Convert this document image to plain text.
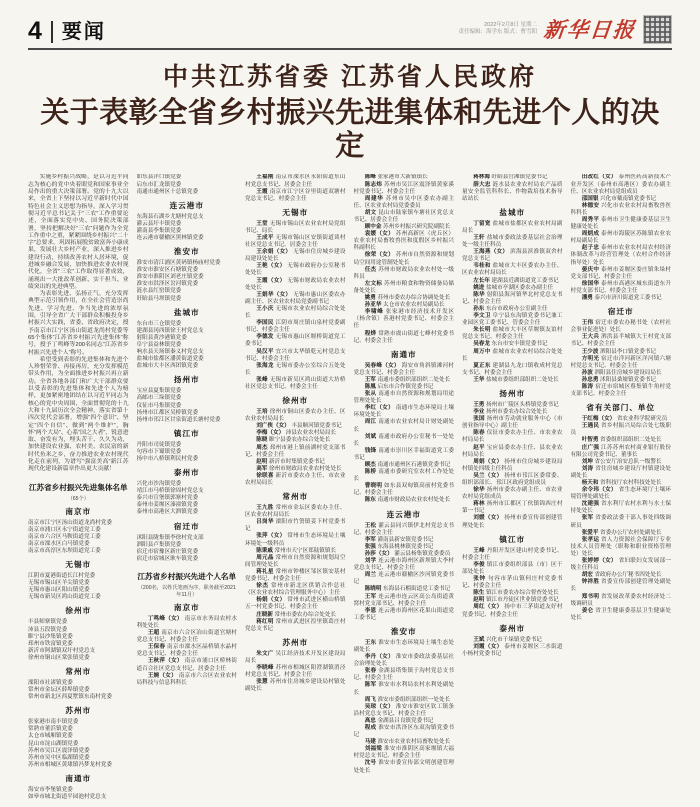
4 要闻	2022年2月8日 星期二
责任编辑：海学东 版式：曹雪阳 新华日报
中共江苏省委 江苏省人民政府
关于表彰全省乡村振兴先进集体和先进个人的决定
实施乡村振兴战略，是以习近平同志为核心的党中央着眼党和国家事业全局作出的重大决策部署。党的十九大以来，全省上下坚持以习近平新时代中国特色社会主义思想为指导，深入学习贯彻习近平总书记关于“三农”工作重要论述，全面落实党中央、国务院决策部署，坚持把解决好“三农”问题作为全党工作重中之重，紧紧围绕乡村振兴“二十字”总要求，巩固拓展脱贫致富奔小康成果，发展壮大乡村产业，深入推进乡村建设行动，持续改善农村人居环境，促进城乡融合发展，加快推进农业农村现代化，全省“三农”工作取得显著成效，涌现出一大批改革创新、实干担当、业绩突出的先进典型。
为表彰先进、弘扬正气，充分发挥典型示范引领作用，在全社会营造崇尚先进、学习先进、争当先进的浓厚氛围，引导全省广大干部群众积极投身乡村振兴大实践，省委、省政府决定，授予南京市江宁区汤山街道龙尚村党委等65个集体“江苏省乡村振兴先进集体”称号，授予丁鸣峰等200名同志“江苏省乡村振兴先进个人”称号。
希望受到表彰的先进集体和先进个人珍惜荣誉、再接再厉，充分发挥模范带头作用，为全面推进乡村振兴再立新功。全省各地各部门和广大干部群众要以受表彰的先进集体和先进个人为榜样，更加紧密地团结在以习近平同志为核心的党中央周围，全面贯彻党的十九大和十九届历次全会精神，落实省第十四次党代会部署，增强“四个意识”、坚定“四个自信”、做到“两个维护”，胸怀“两个大局”、心系“国之大者”，锐意进取、奋发有为，埋头苦干、久久为功，加快建设农业强、农村美、农民富的新时代鱼米之乡，奋力推进农业农村现代化走在前列，为谱写“强富美高”新江苏现代化建设新篇章作出更大贡献！
江苏省乡村振兴先进集体名单
（65个）
南京市
南京市江宁区汤山街道龙尚村党委
南京市浦口区永宁街道党工委
南京市六合区马鞍街道党工委
南京市溧水区白马镇党委
南京市高淳区东坝街道党工委
无锡市
江阴市夏港街道长江村党委
无锡市锡山区羊尖镇党委
无锡市惠山区阳山镇党委
无锡市新吴区鸿山街道党工委
徐州市
丰县师寨镇党委
沛县五段镇党委
睢宁县沙集镇党委
邳州市铁富镇党委
新沂市阿湖镇双圩村党总支
徐州市铜山区棠张镇党委
常州市
溧阳市社渚镇党委
常州市金坛区薛埠镇党委
常州市新北区西夏墅镇东南村党委
苏州市
张家港市南丰镇党委
常熟市董浜镇党委
太仓市城厢镇党委
昆山市淀山湖镇党委
苏州市吴江区震泽镇党委
苏州市吴中区临湖镇党委
苏州市相城区黄埭镇冯梦龙村党委
南通市
海安市李堡镇党委
如皋市城北街道平园池村党总支
如东县洋口镇党委
启东市汇龙镇党委
南通市通州区十总镇党委
连云港市
东海县石湖乡尤塘村党总支
灌云县圩丰镇党委
灌南县李集镇党委
连云港市赣榆区黑林镇党委
淮安市
淮安市清江浦区黄码镇杨庙村党委
淮安市淮安区石塘镇党委
淮安市淮阴区刘老庄镇党委
淮安市洪泽区岔河镇党委
涟水县红窑镇党委
盱眙县马坝镇党委
盐城市
东台市三仓镇党委
建湖县冈西镇徐王村党总支
射阳县黄沙港镇党委
阜宁县益林镇党委
响水县天场镇秦义村党总支
盐城市盐都区潘黄街道党委
盐城市大丰区西团镇党委
扬州市
宝应县夏集镇党委
高邮市三垛镇党委
仪征市马集镇党委
扬州市江都区吴桥镇党委
扬州市邗江区甘泉街道长塘村党委
镇江市
丹阳市司徒镇党委
句容市下蜀镇党委
扬中市八桥镇利民村党委
泰州市
兴化市沙沟镇党委
靖江市马桥镇徐周村党总支
泰兴市宣堡镇郭寨村党委
泰州市姜堰区溱潼镇党委
泰州市高港区大泗镇党委
宿迁市
沭阳县陇集镇李徐村党支部
泗阳县卢集镇党委
宿迁市宿豫区新庄镇党委
宿迁市宿城区耿车镇党委
江苏省乡村振兴先进个人名单
（200名，以姓氏笔画为序，职务截至2021年11月）
南京市
丁鸣峰（女） 南京市水务局农村水利处处长
王超 南京市六合区冶山街道官塘村党总支书记、村委会主任
王保春 南京市溧水区晶桥镇水晶村党总支书记、村委会主任
王秋萍（女） 南京市浦口区桥林街道百合社区党总支书记、居委会主任
王婉（女） 南京市六合区农业农村局科技与信息科科长
王福刚 南京市溧水区永阳街道东山村党总支书记、居委会主任
王霞 南京市江宁区谷里街道双塘村党总支书记、村委会主任
无锡市
王堂 无锡市锡山区农业农村局党组书记、局长
王成平 无锡市锡山区安镇街道谈村社区党总支书记、居委会主任
王余娟（女） 无锡市住房城乡建设局建设处处长
王艳（女） 无锡市政府办公室秘书处处长
王霞（女） 无锡市财政局农业农村处处长
王娟华（女） 无锡市惠山区委农办副主任、区农业农村局党委副书记
王小庆 无锡市农业农村局综合处处长
李国民 江阴市周庄镇山泉村党委副书记、村委会主任
李德发 无锡市惠山区堰桥街道党工委书记
吴汉平 宜兴市太华镇乾元村党总支书记、村委会主任
张海龙 无锡市委办公室综合五处处长
张峰 无锡市新吴区鸿山街道大坊桥社区党总支书记、村委会主任
徐州市
王培 徐州市铜山区委农办主任、区农业农村局局长
刘广侠（女） 丰县顺河镇党委书记
李梅（女） 沛县农业农村局局长
陈晓 睢宁县委农办综合处处长
周杰 邳州市港上镇前湖村党支部书记、村委会主任
赵明 新沂市时集镇党委书记
高军 徐州市财政局农业农村处处长
徐联喜 新沂市委农办主任、市农业农村局局长
常州市
王九胜 常州市金坛区委农办主任、区农业农村局局长
吕岗华 溧阳市竹箦镇姜下村党委书记
张萍（女） 常州市生态环境局土壤环境处一级科员
陈秉戚 常州市天宁区郑陆镇镇长
周元晶 常州市自然资源和规划局空间管理处处长
蒋礼星 常州市钟楼区邹区镇安基村党委书记、村委会主任
徐杰 常州市新北区供销合作总社（区农业农村综合管理服务中心）主任
杨娟（女） 常州市武进区横山桥镇五一村党委书记、村委会主任
庄晓新 常州市委农办综合处处长
蒋红明 常州市武进区湟里镇葛庄村党总支书记
苏州市
朱文广 吴江经济技术开发区建设局局长
李晓峰 苏州市相城区阳澄湖镇消泾村党总支书记、村委会主任
张慧 苏州市住房城乡建设局村镇处副处长
陈峰 张家港市大新镇镇长
陈志炜 苏州市吴江区震泽镇黄家溪村党委书记、村委会主任
周建华 苏州市吴中区委农办副主任、区农业农村局党委委员
胡文 昆山市陆家镇车塘社区党总支书记、居委会主任
顾中金 苏州乡村振兴研究院副院长
袁媛（女） 苏州高新区（虎丘区）农业农村局畜牧兽医和度假区乡村振兴科副科长
徐荣（女） 苏州市自然资源和规划局空间用途管制处处长
任杰 苏州市财政局农业农村处一级科员
左文标 苏州市粮食和物资储备局储备处处长
姚勇 苏州市委农办综合协调处处长
孙亚华 太仓市农业农村局副局长
李啸峰 张家港市经济技术开发区（杨舍镇）善港村党委书记、村委会主任
程烨 常熟市虞山街道七峰村党委书记、村委会主任
南通市
吴春峰（女） 海安市角斜镇滩河村党总支书记、村委会主任
王军 南通市委组织部组织二处处长
陈凰 启东市合作镇党委书记
张从 南通市自然资源和规划局用途管理处处长
李红（女） 南通市生态环境局土壤环境处处长
周江 南通市农业农村局计财处副处长
刘斌 南通市政府办公室秘书一处处长
钱锋 南通市崇川区幸福街道党工委书记
顾杰 南通市通州区石港镇党委书记
陈桥 南通市委研究室农村工作处处长
曹晓明 如东县双甸镇高前村党委书记、村委会主任
陈东 南通市财政局农业农村处处长
连云港市
王松 灌云县同兴镇伊北村党总支书记、村委会主任
李军 灌南县新安镇党委书记
张强 东海县桃林镇党委书记
孙莎（女） 灌云县杨集镇党委委员
刘学 连云港市海州区新坝镇大李村党总支书记、村委会主任
周兰 连云港市赣榆区沙河镇党委书记
陈晓明 东海县石榴街道党工委书记
王军 连云港市连云区高公岛街道黄窝村党支部书记、村委会主任
李恩 连云港市海州区花果山街道党工委书记
淮安市
王东 淮安市生态环境局土壤生态处副处长
李丹（女） 淮安市委政法委基层社会治理处处长
张春 金湖县塔集镇于沟村党总支书记、村委会主任
陈军 淮安市水利局农村水利处副处长
周飞 淮安市委组织部组织一处处长
吴琼（女） 淮安市淮安区钦工镇条沿村党总支书记、村委会主任
高忠 金湖县吕良镇党委书记
程成 淮安市洪泽区东双沟镇党委书记
马建 淮安市农业农村局畜牧处处长
刘福梁 淮安市淮阴区高家堰镇大福村党总支书记、村委会主任
沈号 淮安市委宣传部文明创建管理处处长
蒋林海 盱眙县官滩镇党委书记
薛大忠 涟水县农业农村局农产品质量安全监管科科长、作物栽培技术指导站站长
盐城市
丁留宽 盐城市盐都区农业农村局副局长
王轩 盐城市委政法委基层社会治理处一级主任科员
王海燕（女） 滨海县滨淮镇双舍村党总支书记
韦桂和 盐城市大丰区委农办主任、区农业农村局局长
左长年 建湖县近湖街道党工委书记
姚进 盐城市亭湖区委农办副主任
陈华 射阳县海河镇华北村党总支书记、村委会主任
孙东 东台市政府办公室副主任
李文卫 阜宁县东沟镇党委书记兼工业园区党工委书记、管委会主任
朱长明 盐城市大丰区草堰镇友谊村党总支书记、村委会主任
吴春龙 东台市安丰镇党委书记
周万中 盐城市农业农村局综合处处长
夏正东 建湖县九龙口镇收成村党总支书记、村委会主任
王华 盐城市委组织部组织二处处长
扬州市
王勇 扬州市广陵区头桥镇党委书记
李业 扬州市委农办综合处处长
张国 扬州市劳动就业服务中心（市创业指导中心）副主任
陈春 仪征市委农办主任、市农业农村局局长
赵平 宝应县委农办主任、县农业农村局局长
周娟（女） 扬州市住房城乡建设局村镇处四级主任科员
吴兰（女） 扬州市邗江区委常委、组织部部长、邗江区政府党组成员
徐华 扬州市委农办副主任、市农业农村局党组成员
蒋林 扬州市江都区丁伙镇锦西庄村第一书记
刘媛（女） 扬州市委宣传部创建管理处处长
镇江市
王峰 丹阳开发区建山村党委书记、村委会主任
李俊 镇江市委组织部县（市）区干部处处长
张钟 句容市茅山镇何庄村党委书记、村委会主任
陈生 镇江市委农办综合督查处处长
赵明 镇江市丹徒区世业镇党委书记
周红（女） 扬中市三茅街道友好村党委书记、村委会主任
泰州市
王斌 兴化市千垛镇党委书记
刘霞（女） 泰州市姜堰区三水街道小杨村党委书记
田改红（女） 泰州医药高新技术产业开发区（泰州市高港区）委农办副主任、区农业农村局党组成员
邵国银 兴化市戴南镇党委书记
林德安 兴化市农业农村局畜牧兽医科科长
周秀平 泰州市卫生健康委基层卫生健康处处长
周炳成 泰州市海陵区苏陈镇农业农村局副局长
赵子忠 泰州市农业农村局农村经济体制改革与经营管理处（农村合作经济指导处）处长
晏庆中 泰州市姜堰区娄庄镇朱垛村党支部书记、村委会主任
徐国华 泰州市高港区城东街道东升村党支部书记、村委会主任
潘勇 泰兴市济川街道党工委书记
宿迁市
王伟 宿迁市委农办秘书处（农村社会事业促进处）处长
王大兵 泗洪县半城镇大王村党支部书记、村委会主任
王少波 泗阳县李口镇党委书记
方明光 宿迁市洋河新区洋河镇六塘村党总支书记、村委会主任
孙波 泗阳县住房城乡建设局局长
孙忠勇 沭阳县桑墟镇党委书记
陈涛 宿迁市宿城区蔡集镇牛角村党支部书记、村委会主任
省有关部门、单位
于红梅（女） 省农业科学院研究员
王遇民 省乡村振兴局综合处七级职员
叶智勇 省委组织部组织二处处长
庄广强 江苏苏州农村商业银行股份有限公司党委书记、董事长
刘坤 省公安厅治安总队一级警长
刘涛 省住房城乡建设厅村镇建设处副处长
杨天和 省科技厅农村科技处处长
余令玮（女） 省生态环境厅土壤环境管理处副处长
沈建强 省水利厅农村水利与水土保持处处长
张军 省委政法委干部人事处四级调研员
张爱平 省委办公厅农村处副处长
张孝运 省人力资源社会保障厅专业技术人员管理处（职称和职业资格管理处）处长
张婷婷（女） 省妇联妇女发展部一级主任科员
胡宏 省政府办公厅秘书四处处长
钟祥胜 省委宣传部创建管理处副处长
郑书明 省发展改革委农村经济处二级调研员
姜仑 省卫生健康委基层卫生健康处处长
